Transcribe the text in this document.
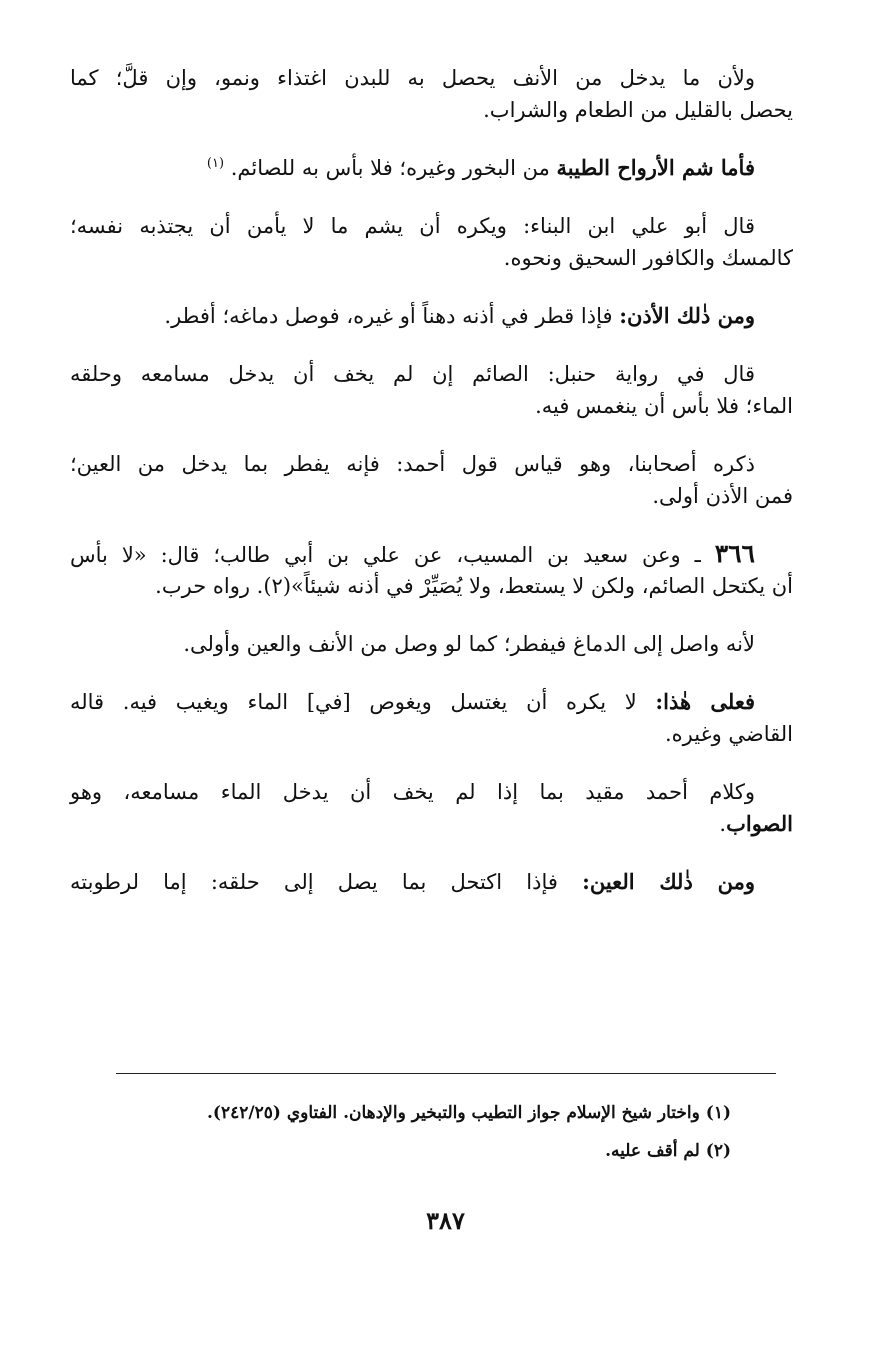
ولأن ما يدخل من الأنف يحصل به للبدن اغتذاء ونمو، وإن قلَّ؛ كما
يحصل بالقليل من الطعام والشراب.
فأما شم الأرواح الطيبة من البخور وغيره؛ فلا بأس به للصائم. $^{(١)}$
قال أبو علي ابن البناء: ويكره أن يشم ما لا يأمن أن يجتذبه نفسه؛
كالمسك والكافور السحيق ونحوه.
ومن ذٰلك الأذن: فإذا قطر في أذنه دهناً أو غيره، فوصل دماغه؛ أفطر.
قال في رواية حنبل: الصائم إن لم يخف أن يدخل مسامعه وحلقه
الماء؛ فلا بأس أن ينغمس فيه.
ذكره أصحابنا، وهو قياس قول أحمد: فإنه يفطر بما يدخل من العين؛
فمن الأذن أولى.
٣٦٦ ـ وعن سعيد بن المسيب، عن علي بن أبي طالب؛ قال: «لا بأس
أن يكتحل الصائم، ولكن لا يستعط، ولا يُصَيِّرْ في أذنه شيئاً»(٢). رواه حرب.
لأنه واصل إلى الدماغ فيفطر؛ كما لو وصل من الأنف والعين وأولى.
فعلى هٰذا: لا يكره أن يغتسل ويغوص [في] الماء ويغيب فيه. قاله
القاضي وغيره.
وكلام أحمد مقيد بما إذا لم يخف أن يدخل الماء مسامعه، وهو
الصواب.
ومن ذٰلك العين: فإذا اكتحل بما يصل إلى حلقه: إما لرطوبته
(١) واختار شيخ الإسلام جواز التطيب والتبخير والإدهان. الفتاوي (٢٤٢/٢٥).
(٢) لم أقف عليه.
٣٨٧
